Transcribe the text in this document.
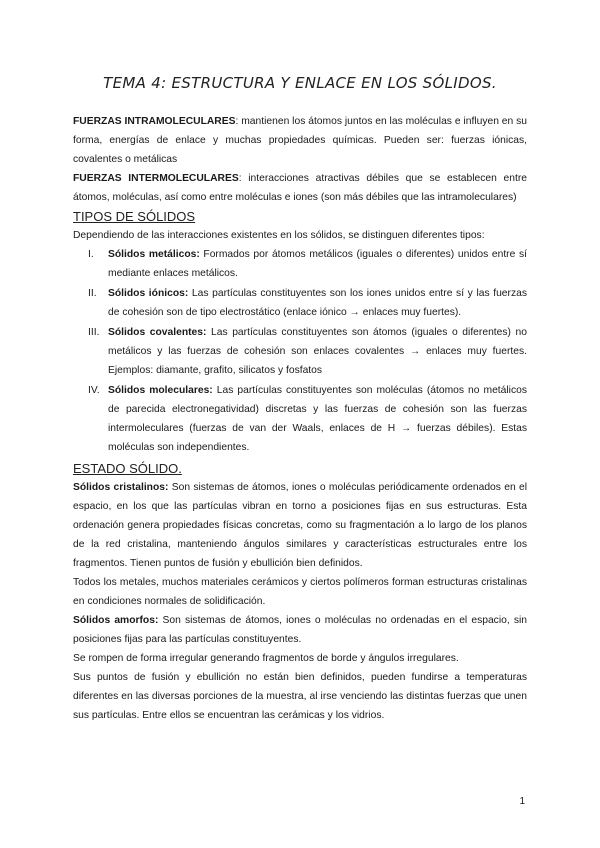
TEMA 4: ESTRUCTURA Y ENLACE EN LOS SÓLIDOS.

FUERZAS INTRAMOLECULARES: mantienen los átomos juntos en las moléculas e influyen en su forma, energías de enlace y muchas propiedades químicas. Pueden ser: fuerzas iónicas, covalentes o metálicas

FUERZAS INTERMOLECULARES: interacciones atractivas débiles que se establecen entre átomos, moléculas, así como entre moléculas e iones (son más débiles que las intramoleculares)

TIPOS DE SÓLIDOS

Dependiendo de las interacciones existentes en los sólidos, se distinguen diferentes tipos:

I.	Sólidos metálicos: Formados por átomos metálicos (iguales o diferentes) unidos entre sí mediante enlaces metálicos.
II.	Sólidos iónicos: Las partículas constituyentes son los iones unidos entre sí y las fuerzas de cohesión son de tipo electrostático (enlace iónico → enlaces muy fuertes).
III. Sólidos covalentes: Las partículas constituyentes son átomos (iguales o diferentes) no metálicos y las fuerzas de cohesión son enlaces covalentes → enlaces muy fuertes. Ejemplos: diamante, grafito, silicatos y fosfatos
IV. Sólidos moleculares: Las partículas constituyentes son moléculas (átomos no metálicos de parecida electronegatividad) discretas y las fuerzas de cohesión son las fuerzas intermoleculares (fuerzas de van der Waals, enlaces de H → fuerzas débiles). Estas moléculas son independientes.
ESTADO SÓLIDO.

Sólidos cristalinos: Son sistemas de átomos, iones o moléculas periódicamente ordenados en el espacio, en los que las partículas vibran en torno a posiciones fijas en sus estructuras. Esta ordenación genera propiedades físicas concretas, como su fragmentación a lo largo de los planos de la red cristalina, manteniendo ángulos similares y características estructurales entre los fragmentos. Tienen puntos de fusión y ebullición bien definidos.

Todos los metales, muchos materiales cerámicos y ciertos polímeros forman estructuras cristalinas en condiciones normales de solidificación.

Sólidos amorfos: Son sistemas de átomos, iones o moléculas no ordenadas en el espacio, sin posiciones fijas para las partículas constituyentes.

Se rompen de forma irregular generando fragmentos de borde y ángulos irregulares.

Sus puntos de fusión y ebullición no están bien definidos, pueden fundirse a temperaturas diferentes en las diversas porciones de la muestra, al irse venciendo las distintas fuerzas que unen sus partículas. Entre ellos se encuentran las cerámicas y los vidrios.

1
